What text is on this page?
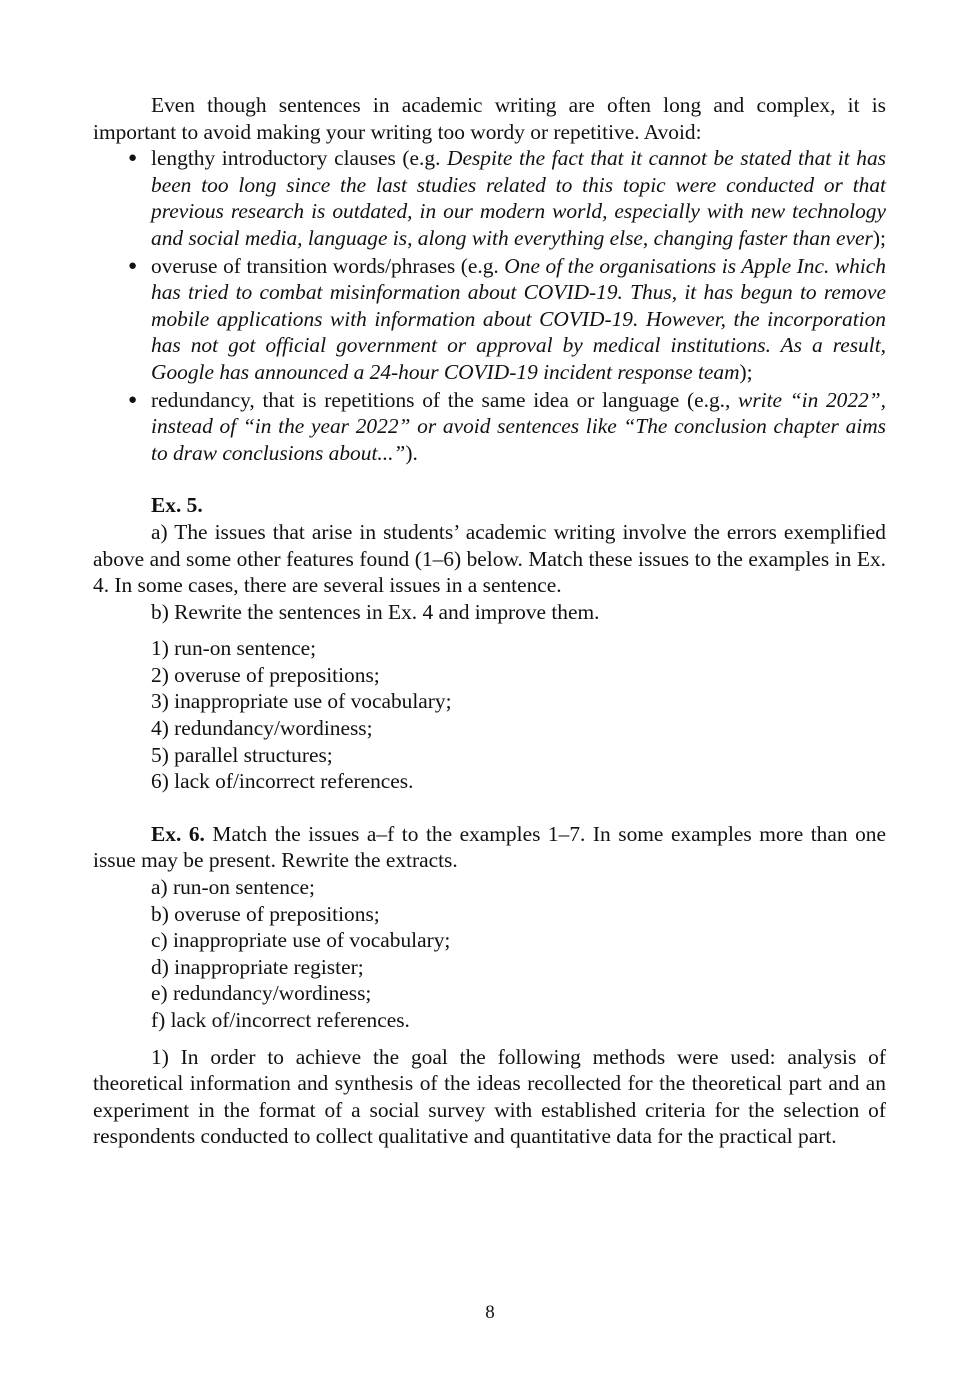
Even though sentences in academic writing are often long and complex, it is important to avoid making your writing too wordy or repetitive. Avoid:

● lengthy introductory clauses (e.g. Despite the fact that it cannot be stated that it has been too long since the last studies related to this topic were conducted or that previous research is outdated, in our modern world, especially with new technology and social media, language is, along with everything else, changing faster than ever);
● overuse of transition words/phrases (e.g. One of the organisations is Apple Inc. which has tried to combat misinformation about COVID-19. Thus, it has begun to remove mobile applications with information about COVID-19. However, the incorporation has not got official government or approval by medical institutions. As a result, Google has announced a 24-hour COVID-19 incident response team);
● redundancy, that is repetitions of the same idea or language (e.g., write “in 2022”, instead of “in the year 2022” or avoid sentences like “The conclusion chapter aims to draw conclusions about...”).
Ex. 5.

a) The issues that arise in students’ academic writing involve the errors exemplified above and some other features found (1–6) below. Match these issues to the examples in Ex. 4. In some cases, there are several issues in a sentence.

b) Rewrite the sentences in Ex. 4 and improve them.

1) run-on sentence;
2) overuse of prepositions;
3) inappropriate use of vocabulary;
4) redundancy/wordiness;
5) parallel structures;
6) lack of/incorrect references.

Ex. 6. Match the issues a–f to the examples 1–7. In some examples more than one issue may be present. Rewrite the extracts.

a) run-on sentence;
b) overuse of prepositions;
c) inappropriate use of vocabulary;
d) inappropriate register;
e) redundancy/wordiness;
f) lack of/incorrect references.

1) In order to achieve the goal the following methods were used: analysis of theoretical information and synthesis of the ideas recollected for the theoretical part and an experiment in the format of a social survey with established criteria for the selection of respondents conducted to collect qualitative and quantitative data for the practical part.

8
